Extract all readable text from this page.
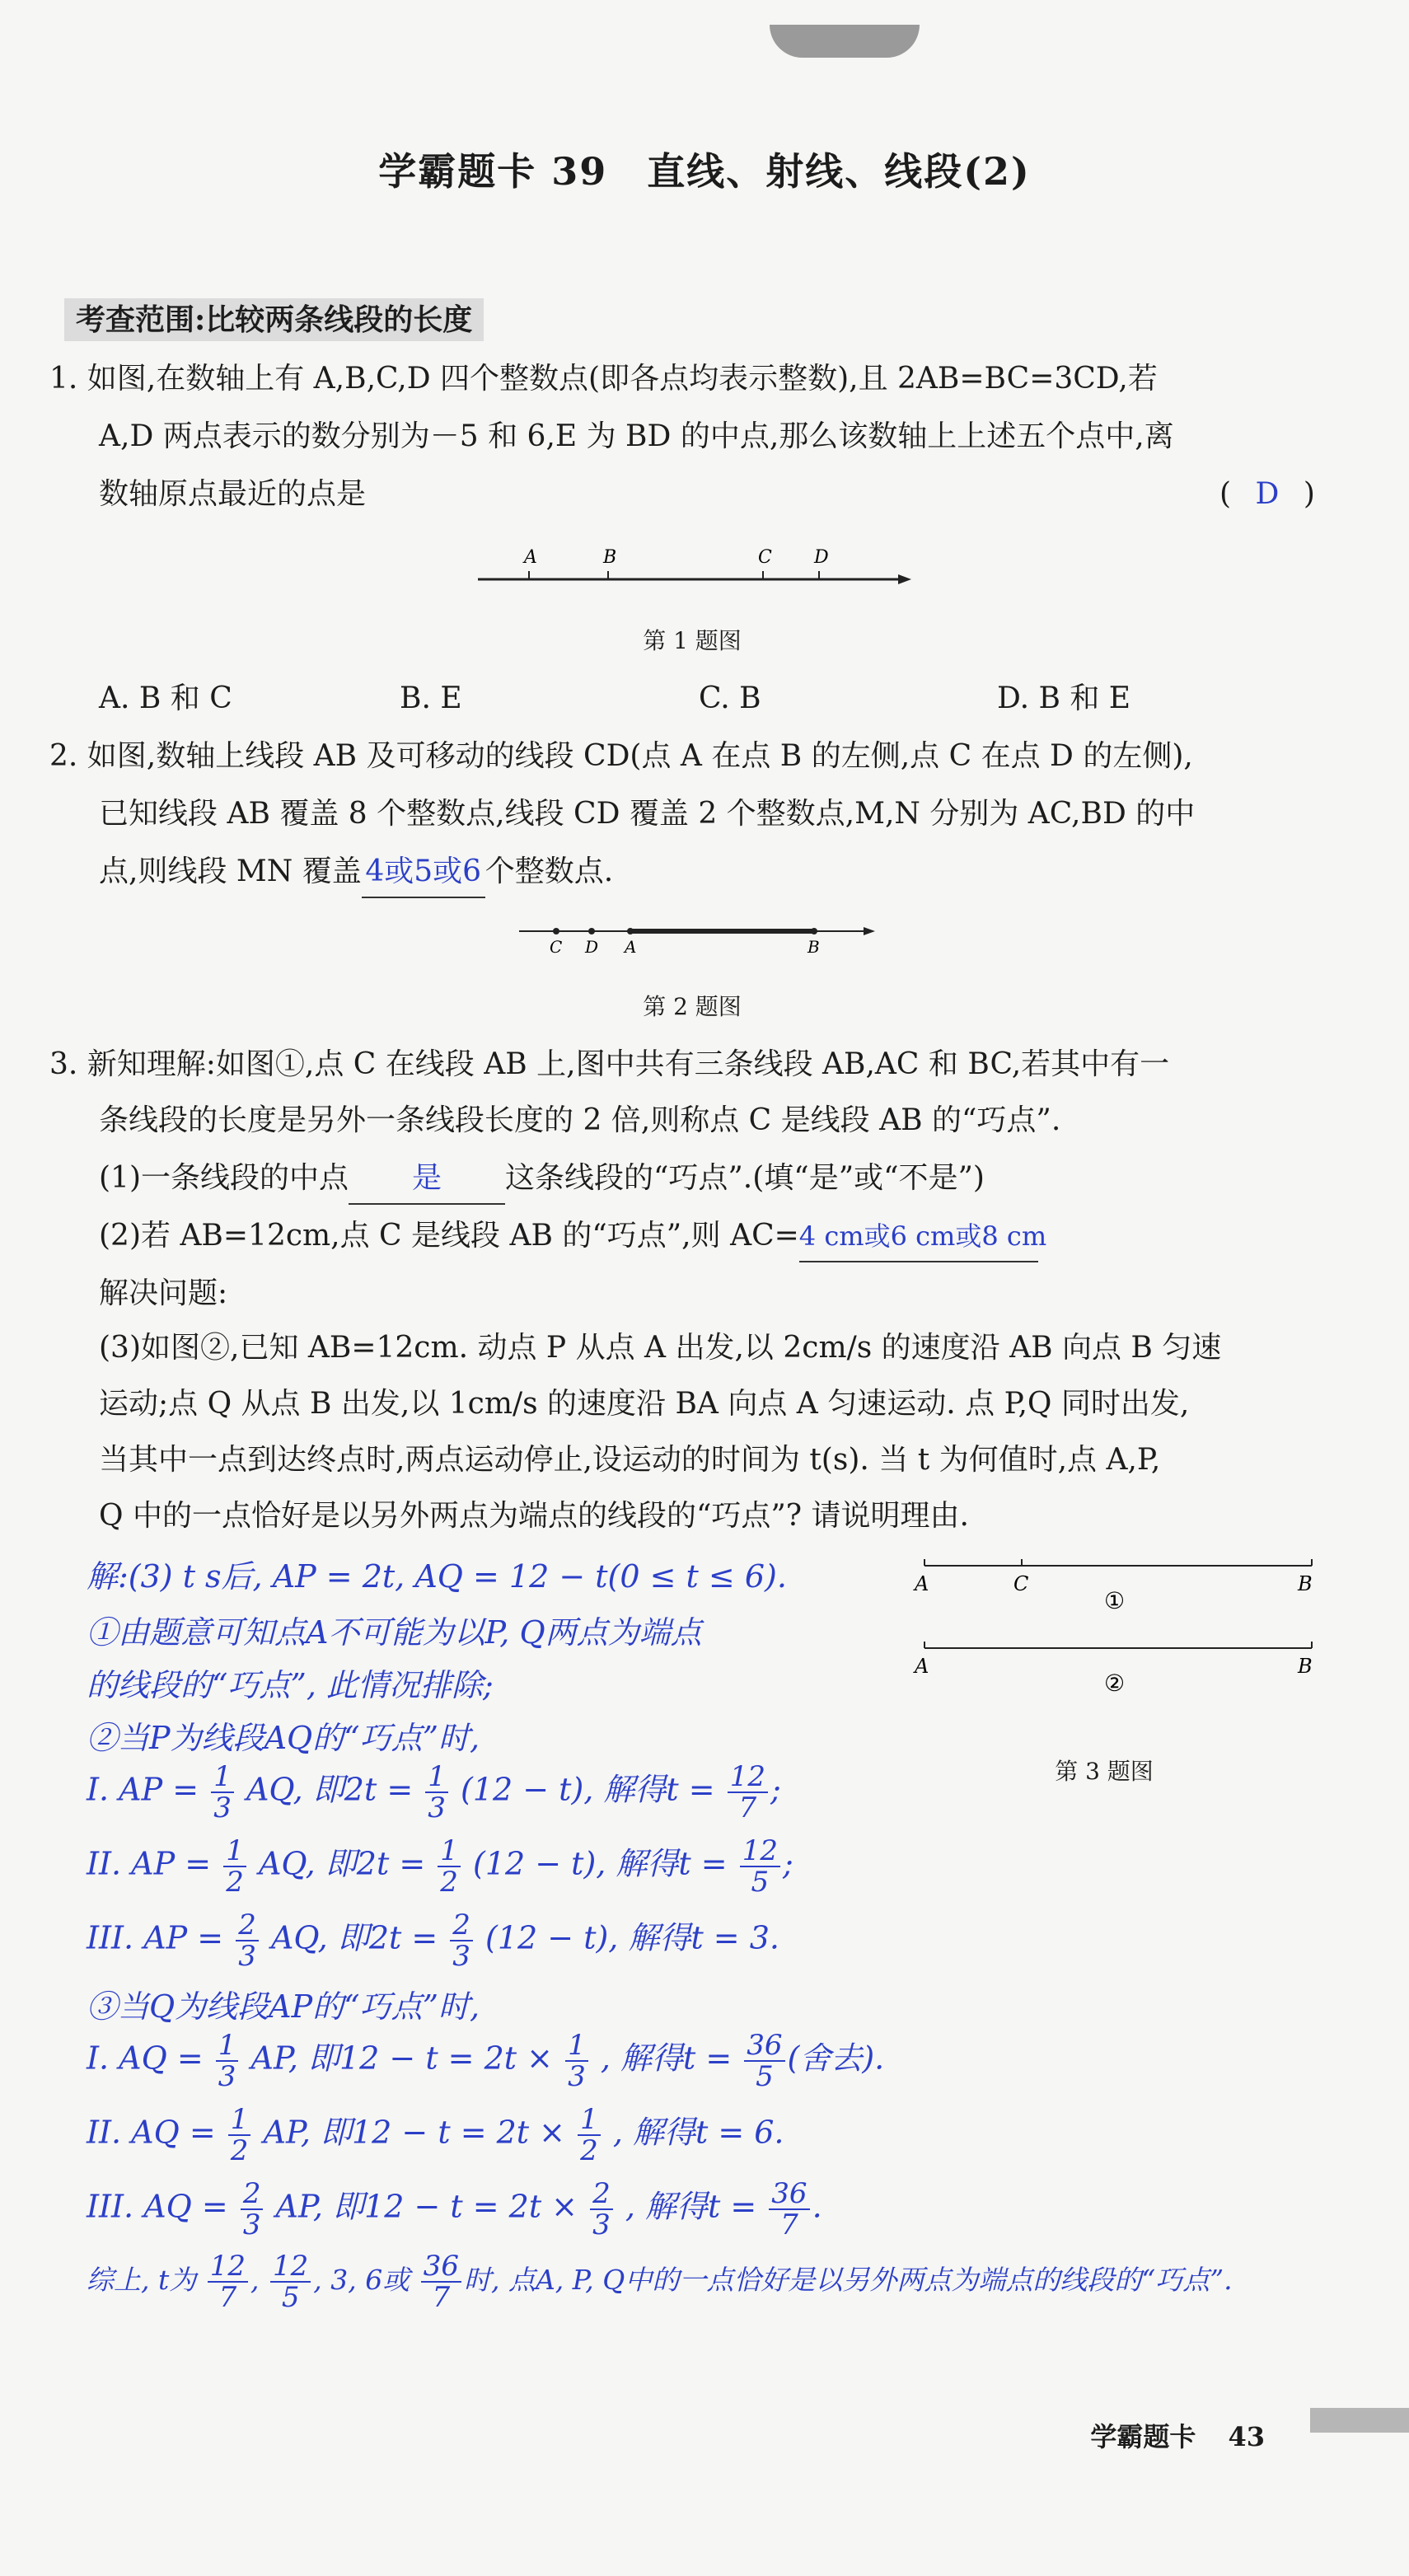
学霸题卡 39　直线、射线、线段(2)
考查范围:比较两条线段的长度
1. 如图,在数轴上有 A,B,C,D 四个整数点(即各点均表示整数),且 2AB=BC=3CD,若
A,D 两点表示的数分别为－5 和 6,E 为 BD 的中点,那么该数轴上上述五个点中,离
数轴原点最近的点是	( D )
A	B	C D
第 1 题图
A. B 和 C	B. E	C. B	D. B 和 E
2. 如图,数轴上线段 AB 及可移动的线段 CD(点 A 在点 B 的左侧,点 C 在点 D 的左侧),
已知线段 AB 覆盖 8 个整数点,线段 CD 覆盖 2 个整数点,M,N 分别为 AC,BD 的中
点,则线段 MN 覆盖 4或5或6 个整数点.
C D A	B
第 2 题图
3. 新知理解:如图①,点 C 在线段 AB 上,图中共有三条线段 AB,AC 和 BC,若其中有一
条线段的长度是另外一条线段长度的 2 倍,则称点 C 是线段 AB 的“巧点”.
(1)一条线段的中点 是 这条线段的“巧点”.(填“是”或“不是”)
(2)若 AB=12cm,点 C 是线段 AB 的“巧点”,则 AC=4 cm或6 cm或8 cm
解决问题:
(3)如图②,已知 AB=12cm. 动点 P 从点 A 出发,以 2cm/s 的速度沿 AB 向点 B 匀速
运动;点 Q 从点 B 出发,以 1cm/s 的速度沿 BA 向点 A 匀速运动. 点 P,Q 同时出发,
当其中一点到达终点时,两点运动停止,设运动的时间为 t(s). 当 t 为何值时,点 A,P,
Q 中的一点恰好是以另外两点为端点的线段的“巧点”? 请说明理由.
A	C	B
①
A	B
②
第 3 题图
解:(3) t s后, AP = 2t, AQ = 12 − t(0 ≤ t ≤ 6).
①由题意可知点A不可能为以P, Q两点为端点
的线段的“巧点”, 此情况排除;
②当P为线段AQ的“巧点”时,
I. AP = $\frac{1}{3}$ AQ, 即$2t = \frac{1}{3} (12 - t)$, 解得$t = \frac{12}{7}$ ;
II. AP = $\frac{1}{2}$ AQ, 即$2t = \frac{1}{2} (12 - t)$, 解得$t = \frac{12}{5}$ ;
III. AP = $\frac{2}{3}$ AQ, 即$2t = \frac{2}{3} (12 - t)$, 解得t = 3.
③当Q为线段AP的“巧点”时,
I. AQ = $\frac{1}{3}$ AP, 即$12 - t = 2t \times \frac{1}{3}$ , 解得$t = \frac{36}{5}$ (舍去).
II. AQ = $\frac{1}{2}$ AP, 即$12 - t = 2t \times \frac{1}{2}$ , 解得t = 6.
III. AQ = $\frac{2}{3}$ AP, 即$12 - t = 2t \times \frac{2}{3}$ , 解得$t = \frac{36}{7}$ .
综上, t为 $\frac{12}{7}$ , $\frac{12}{5}$ , 3, 6或 $\frac{36}{7}$ 时, 点A, P, Q中的一点恰好是以另外两点为端点的线段的“巧点”.
学霸题卡 43
